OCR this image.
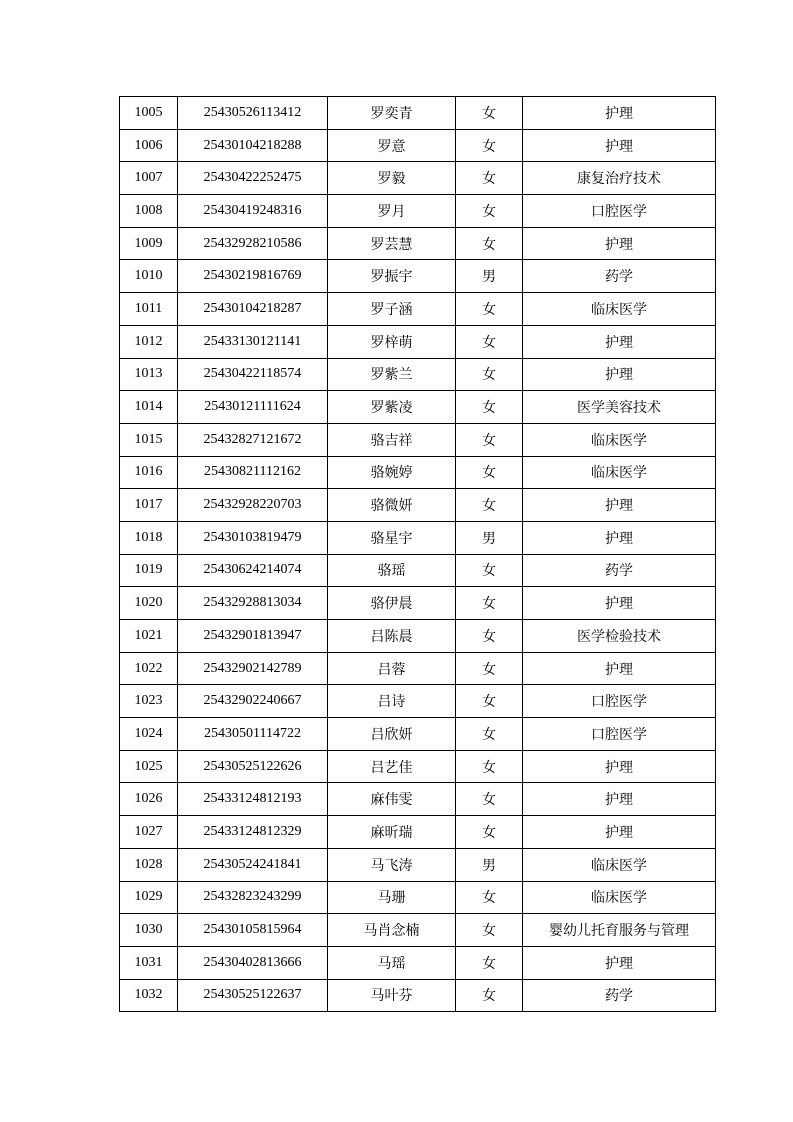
1005	25430526113412	罗奕青	女	护理
1006	25430104218288	罗意	女	护理
1007	25430422252475	罗毅	女	康复治疗技术
1008	25430419248316	罗月	女	口腔医学
1009	25432928210586	罗芸慧	女	护理
1010	25430219816769	罗振宇	男	药学
1011	25430104218287	罗子涵	女	临床医学
1012	25433130121141	罗梓萌	女	护理
1013	25430422118574	罗紫兰	女	护理
1014	25430121111624	罗紫凌	女	医学美容技术
1015	25432827121672	骆吉祥	女	临床医学
1016	25430821112162	骆婉婷	女	临床医学
1017	25432928220703	骆微妍	女	护理
1018	25430103819479	骆星宇	男	护理
1019	25430624214074	骆瑶	女	药学
1020	25432928813034	骆伊晨	女	护理
1021	25432901813947	吕陈晨	女	医学检验技术
1022	25432902142789	吕蓉	女	护理
1023	25432902240667	吕诗	女	口腔医学
1024	25430501114722	吕欣妍	女	口腔医学
1025	25430525122626	吕艺佳	女	护理
1026	25433124812193	麻伟雯	女	护理
1027	25433124812329	麻昕瑞	女	护理
1028	25430524241841	马飞涛	男	临床医学
1029	25432823243299	马珊	女	临床医学
1030	25430105815964	马肖念楠	女	婴幼儿托育服务与管理
1031	25430402813666	马瑶	女	护理
1032	25430525122637	马叶芬	女	药学
